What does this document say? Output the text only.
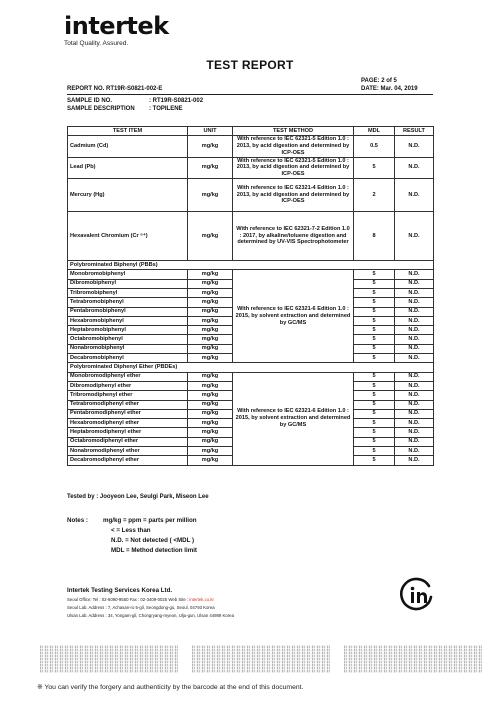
intertek
Total Quality. Assured.
TEST REPORT
REPORT NO. RT19R-S0821-002-E
PAGE: 2 of 5
DATE: Mar. 04, 2019
SAMPLE ID NO.	: RT19R-S0821-002
SAMPLE DESCRIPTION : TOPILENE
TEST ITEM	UNIT	TEST METHOD	MDL	RESULT
Cadmium (Cd)	mg/kg	With reference to IEC 62321-5 Edition 1.0 : 2013, by acid digestion and determined by ICP-OES	0.5	N.D.
Lead (Pb)	mg/kg	With reference to IEC 62321-5 Edition 1.0 : 2013, by acid digestion and determined by ICP-OES	5	N.D.
Mercury (Hg)	mg/kg	With reference to IEC 62321-4 Edition 1.0 : 2013, by acid digestion and determined by ICP-OES	2	N.D.
Hexavalent Chromium (Cr ⁶⁺)	mg/kg	With reference to IEC 62321-7-2 Edition 1.0 : 2017, by alkaline/toluene digestion and determined by UV-VIS Spectrophotometer	8	N.D.
Polybrominated Biphenyl (PBBs)				
Monobromobiphenyl	mg/kg	With reference to IEC 62321-6 Edition 1.0 : 2015, by solvent extraction and determined by GC/MS	5	N.D.
Dibromobiphenyl	mg/kg		5	N.D.
Tribromobiphenyl	mg/kg		5	N.D.
Tetrabromobiphenyl	mg/kg		5	N.D.
Pentabromobiphenyl	mg/kg		5	N.D.
Hexabromobiphenyl	mg/kg		5	N.D.
Heptabromobiphenyl	mg/kg		5	N.D.
Octabromobiphenyl	mg/kg		5	N.D.
Nonabromobiphenyl	mg/kg		5	N.D.
Decabromobiphenyl	mg/kg		5	N.D.
Polybrominated Diphenyl Ether (PBDEs)				
Monobromodiphenyl ether	mg/kg	With reference to IEC 62321-6 Edition 1.0 : 2015, by solvent extraction and determined by GC/MS	5	N.D.
Dibromodiphenyl ether	mg/kg		5	N.D.
Tribromodiphenyl ether	mg/kg		5	N.D.
Tetrabromodiphenyl ether	mg/kg		5	N.D.
Pentabromodiphenyl ether	mg/kg		5	N.D.
Hexabromodiphenyl ether	mg/kg		5	N.D.
Heptabromodiphenyl ether	mg/kg		5	N.D.
Octabromodiphenyl ether	mg/kg		5	N.D.
Nonabromodiphenyl ether	mg/kg		5	N.D.
Decabromodiphenyl ether	mg/kg		5	N.D.
Tested by : Jooyeon Lee, Seulgi Park, Miseon Lee
Notes :	mg/kg = ppm = parts per million
< = Less than
N.D. = Not detected ( <MDL )
MDL = Method detection limit
Intertek Testing Services Korea Ltd.
Seoul Office: Tel : 02-6090-9550 Fax : 02-3409-0025 Web Site : intertek.co.kr
Seoul Lab. Address : 7, Achasan-ro 5-gil, Seongdong-gu, Seoul, 04793 Korea
Ulsan Lab. Address : 34, Yongam-gil, Chongryang-myeon, Ulju-gun, Ulsan 44989 Korea
※ You can verify the forgery and authenticity by the barcode at the end of this document.
